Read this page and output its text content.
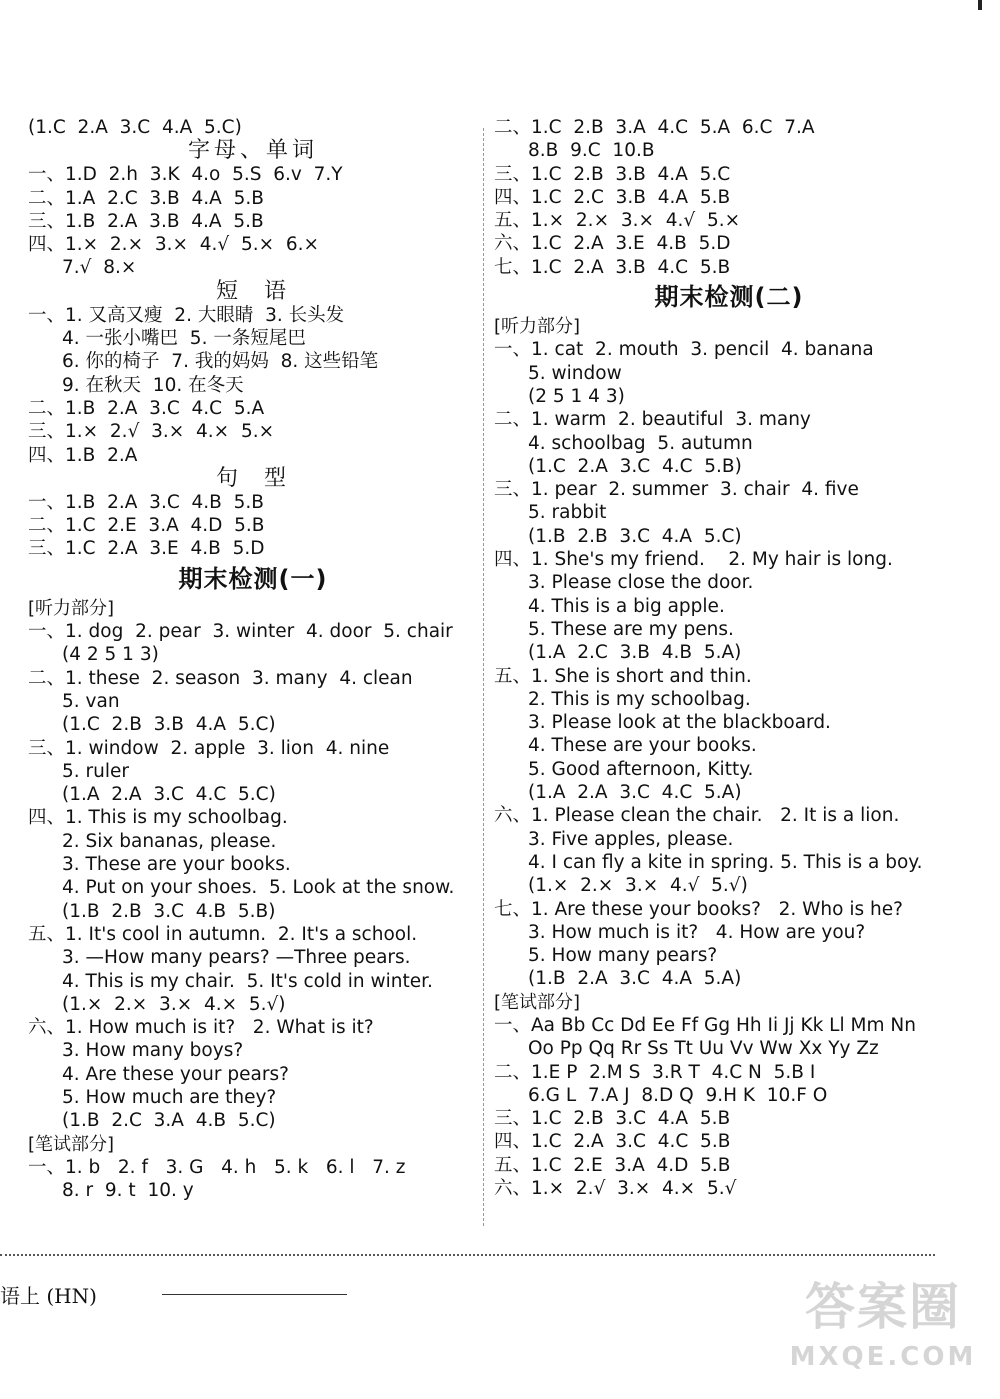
(1.C  2.A  3.C  4.A  5.C)
字母、单词
一、1.D  2.h  3.K  4.o  5.S  6.v  7.Y
二、1.A  2.C  3.B  4.A  5.B
三、1.B  2.A  3.B  4.A  5.B
四、1.×  2.×  3.×  4.√  5.×  6.×
7.√  8.×
短  语
一、1. 又高又瘦  2. 大眼睛  3. 长头发
4. 一张小嘴巴  5. 一条短尾巴
6. 你的椅子  7. 我的妈妈  8. 这些铅笔
9. 在秋天  10. 在冬天
二、1.B  2.A  3.C  4.C  5.A
三、1.×  2.√  3.×  4.×  5.×
四、1.B  2.A
句  型
一、1.B  2.A  3.C  4.B  5.B
二、1.C  2.E  3.A  4.D  5.B
三、1.C  2.A  3.E  4.B  5.D
期末检测(一)
[听力部分]
一、1. dog  2. pear  3. winter  4. door  5. chair
(4 2 5 1 3)
二、1. these  2. season  3. many  4. clean
5. van
(1.C  2.B  3.B  4.A  5.C)
三、1. window  2. apple  3. lion  4. nine
5. ruler
(1.A  2.A  3.C  4.C  5.C)
四、1. This is my schoolbag.
2. Six bananas, please.
3. These are your books.
4. Put on your shoes.  5. Look at the snow.
(1.B  2.B  3.C  4.B  5.B)
五、1. It's cool in autumn.  2. It's a school.
3. —How many pears? —Three pears.
4. This is my chair.  5. It's cold in winter.
(1.×  2.×  3.×  4.×  5.√)
六、1. How much is it?   2. What is it?
3. How many boys?
4. Are these your pears?
5. How much are they?
(1.B  2.C  3.A  4.B  5.C)
[笔试部分]
一、1. b   2. f   3. G   4. h   5. k   6. l   7. z
8. r  9. t  10. y
二、1.C  2.B  3.A  4.C  5.A  6.C  7.A
8.B  9.C  10.B
三、1.C  2.B  3.B  4.A  5.C
四、1.C  2.C  3.B  4.A  5.B
五、1.×  2.×  3.×  4.√  5.×
六、1.C  2.A  3.E  4.B  5.D
七、1.C  2.A  3.B  4.C  5.B
期末检测(二)
[听力部分]
一、1. cat  2. mouth  3. pencil  4. banana
5. window
(2 5 1 4 3)
二、1. warm  2. beautiful  3. many
4. schoolbag  5. autumn
(1.C  2.A  3.C  4.C  5.B)
三、1. pear  2. summer  3. chair  4. five
5. rabbit
(1.B  2.B  3.C  4.A  5.C)
四、1. She's my friend.    2. My hair is long.
3. Please close the door.
4. This is a big apple.
5. These are my pens.
(1.A  2.C  3.B  4.B  5.A)
五、1. She is short and thin.
2. This is my schoolbag.
3. Please look at the blackboard.
4. These are your books.
5. Good afternoon, Kitty.
(1.A  2.A  3.C  4.C  5.A)
六、1. Please clean the chair.   2. It is a lion.
3. Five apples, please.
4. I can fly a kite in spring. 5. This is a boy.
(1.×  2.×  3.×  4.√  5.√)
七、1. Are these your books?   2. Who is he?
3. How much is it?   4. How are you?
5. How many pears?
(1.B  2.A  3.C  4.A  5.A)
[笔试部分]
一、Aa Bb Cc Dd Ee Ff Gg Hh Ii Jj Kk Ll Mm Nn
Oo Pp Qq Rr Ss Tt Uu Vv Ww Xx Yy Zz
二、1.E P  2.M S  3.R T  4.C N  5.B I
6.G L  7.A J  8.D Q  9.H K  10.F O
三、1.C  2.B  3.C  4.A  5.B
四、1.C  2.A  3.C  4.C  5.B
五、1.C  2.E  3.A  4.D  5.B
六、1.×  2.√  3.×  4.×  5.√
语上 (HN)	答案圈
MXQE.COM
